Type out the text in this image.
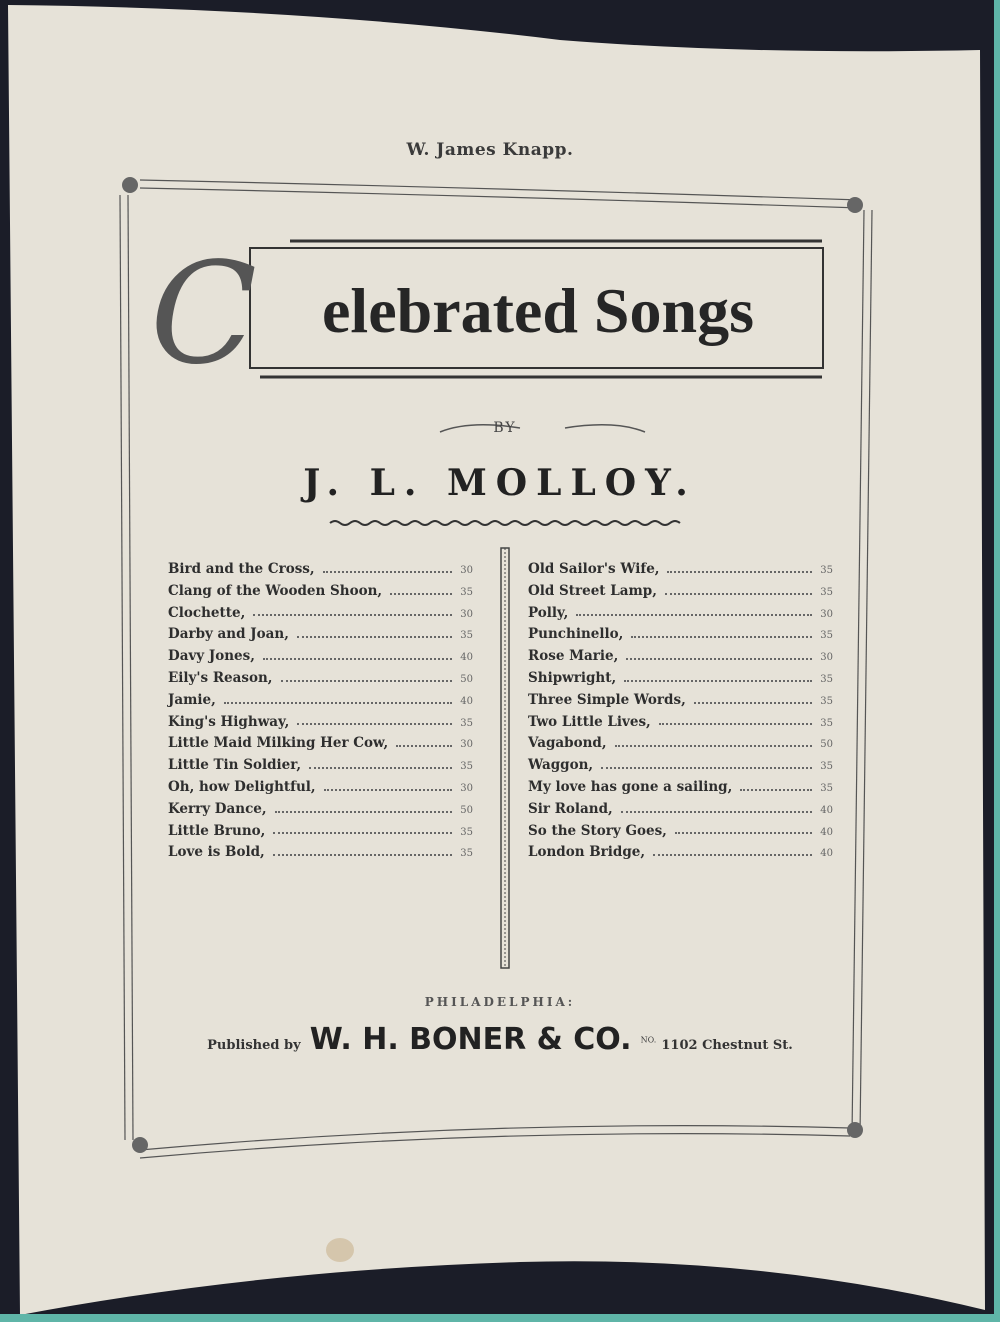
W. James Knapp.
C	elebrated Songs
BY
J. L. MOLLOY.
Bird and the Cross,	30
Clang of the Wooden Shoon,	35
Clochette,	30
Darby and Joan,	35
Davy Jones,	40
Eily's Reason,	50
Jamie,	40
King's Highway,	35
Little Maid Milking Her Cow,	30
Little Tin Soldier,	35
Oh, how Delightful,	30
Kerry Dance,	50
Little Bruno,	35
Love is Bold,	35
Old Sailor's Wife,	35
Old Street Lamp,	35
Polly,	30
Punchinello,	35
Rose Marie,	30
Shipwright,	35
Three Simple Words,	35
Two Little Lives,	35
Vagabond,	50
Waggon,	35
My love has gone a sailing,	35
Sir Roland,	40
So the Story Goes,	40
London Bridge,	40
PHILADELPHIA:
Published by W. H. BONER & CO. $^{NO.}$ 1102 Chestnut St.
